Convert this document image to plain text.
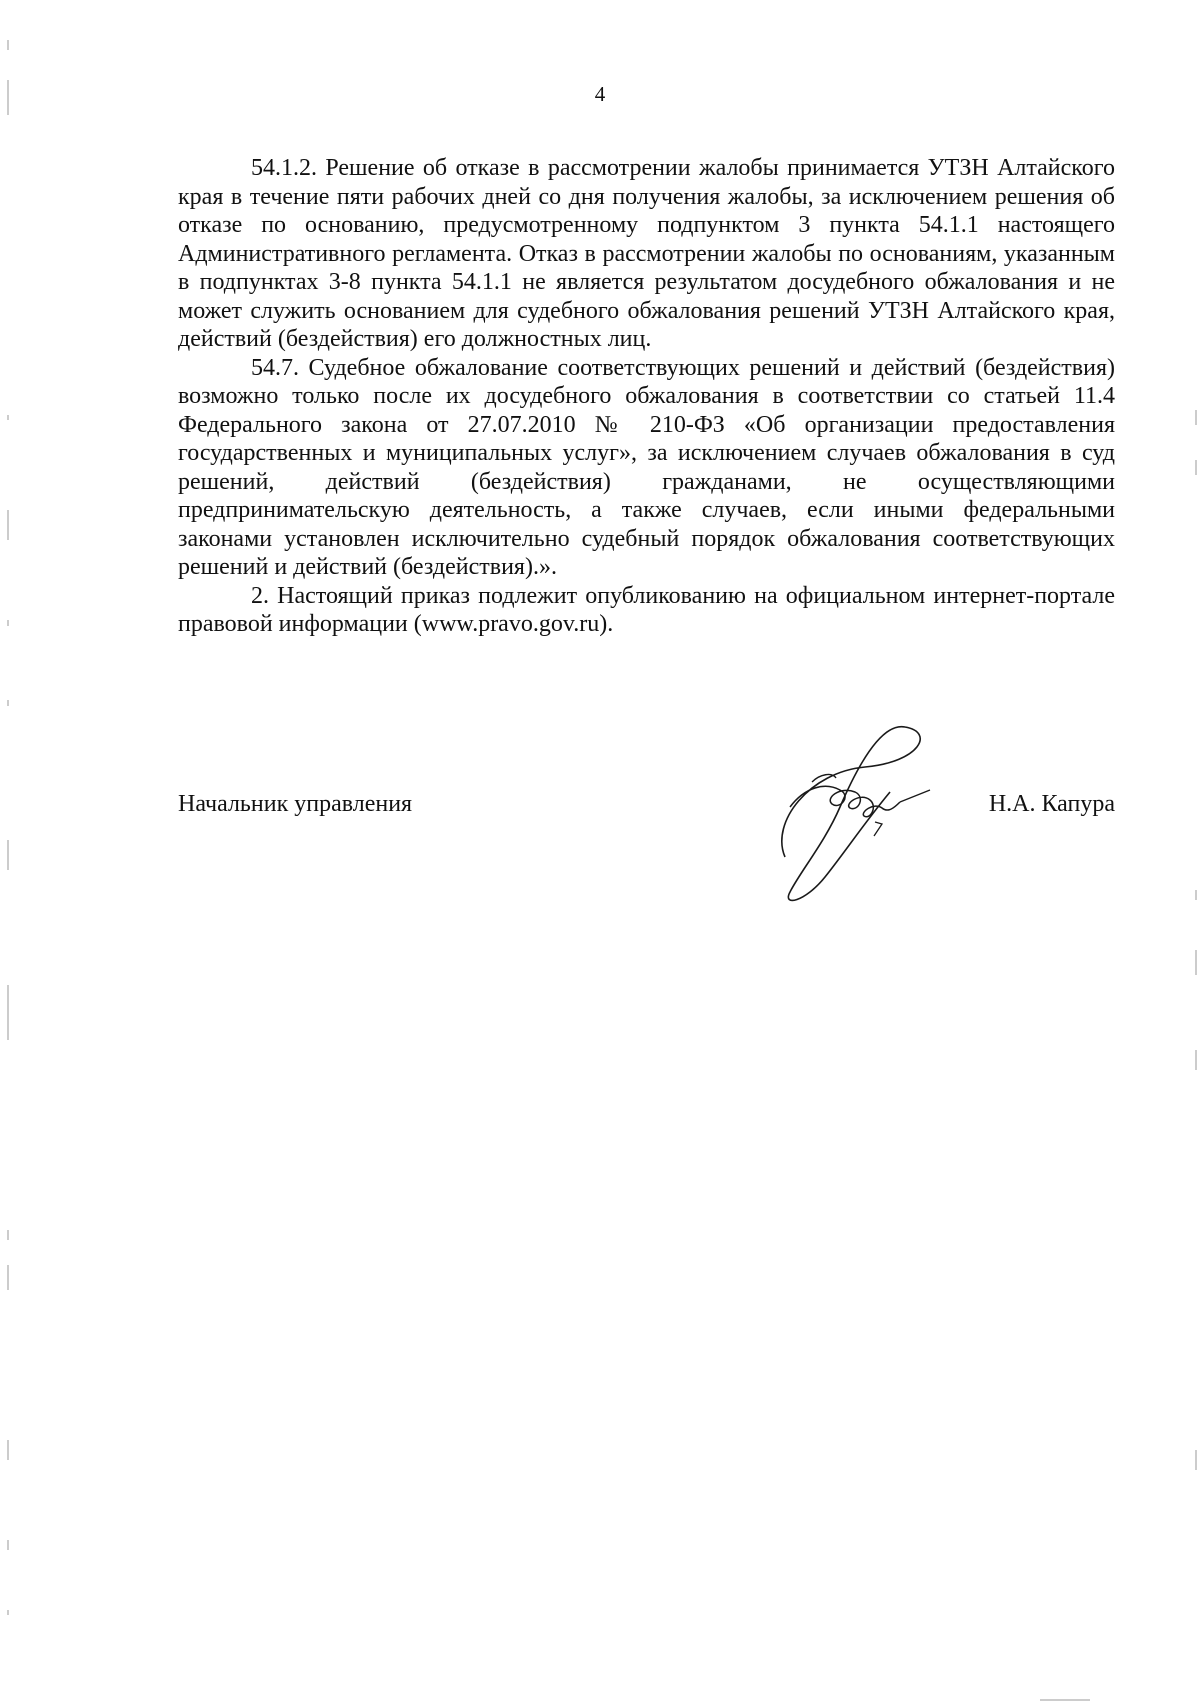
4

54.1.2. Решение об отказе в рассмотрении жалобы принимается УТЗН Алтайского края в течение пяти рабочих дней со дня получения жалобы, за исключением решения об отказе по основанию, предусмотренному подпунктом 3 пункта 54.1.1 настоящего Административного регламента. Отказ в рассмотрении жалобы по основаниям, указанным в подпунктах 3-8 пункта 54.1.1 не является результатом досудебного обжалования и не может служить основанием для судебного обжалования решений УТЗН Алтайского края, действий (бездействия) его должностных лиц.

54.7. Судебное обжалование соответствующих решений и действий (бездействия) возможно только после их досудебного обжалования в соответствии со статьей 11.4 Федерального закона от 27.07.2010 № 210-ФЗ «Об организации предоставления государственных и муниципальных услуг», за исключением случаев обжалования в суд решений, действий (бездействия) гражданами, не осуществляющими предпринимательскую деятельность, а также случаев, если иными федеральными законами установлен исключительно судебный порядок обжалования соответствующих решений и действий (бездействия).».

2. Настоящий приказ подлежит опубликованию на официальном интернет-портале правовой информации (www.pravo.gov.ru).

Начальник управления	Н.А. Капура
